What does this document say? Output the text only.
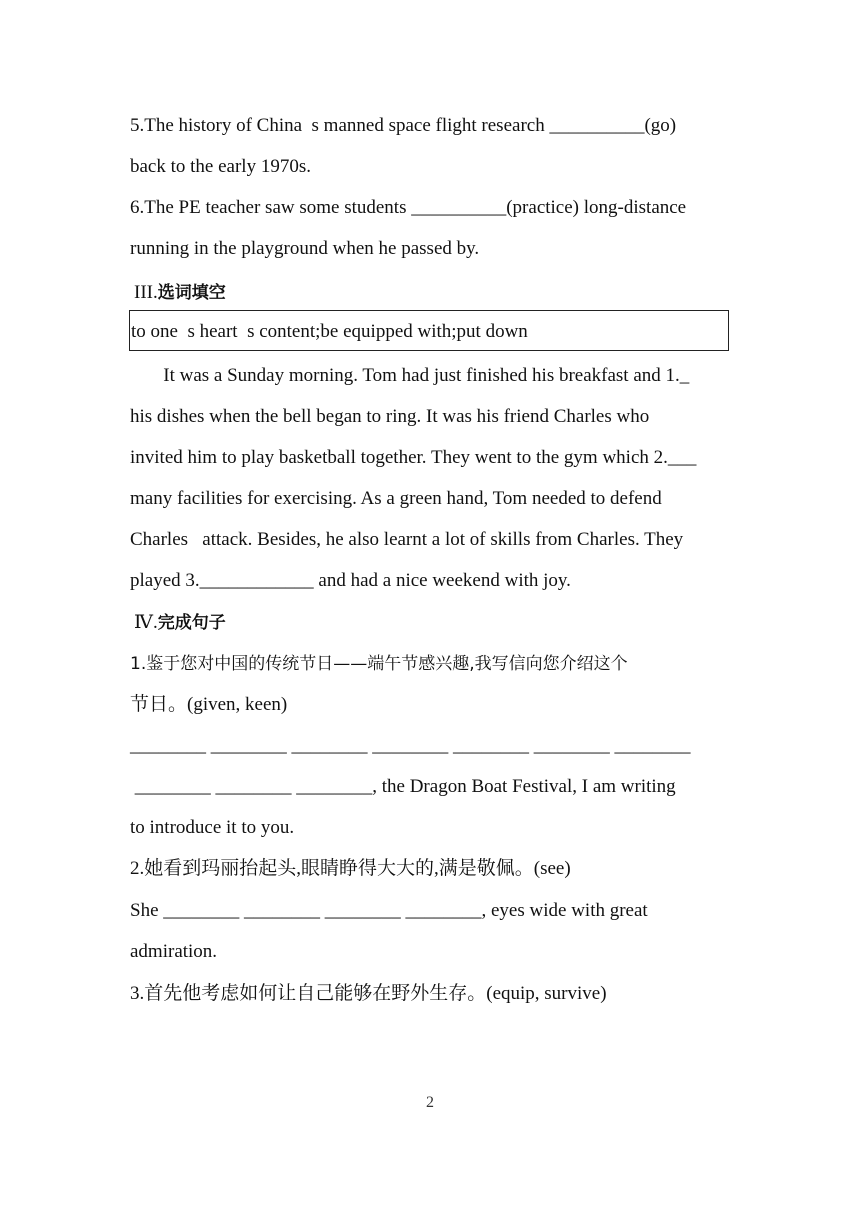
5.The history of China  s manned space flight research __________(go)
back to the early 1970s.
6.The PE teacher saw some students __________(practice) long-distance
running in the playground when he passed by.
III.选词填空
to one  s heart  s content;be equipped with;put down
It was a Sunday morning. Tom had just finished his breakfast and 1._
his dishes when the bell began to ring. It was his friend Charles who
invited him to play basketball together. They went to the gym which 2.___
many facilities for exercising. As a green hand, Tom needed to defend
Charles   attack. Besides, he also learnt a lot of skills from Charles. They
played 3.____________ and had a nice weekend with joy.
Ⅳ.完成句子
1.鉴于您对中国的传统节日——端午节感兴趣,我写信向您介绍这个
节日。(given, keen)
________ ________ ________ ________ ________ ________ ________
________ ________ ________, the Dragon Boat Festival, I am writing
to introduce it to you.
2.她看到玛丽抬起头,眼睛睁得大大的,满是敬佩。(see)
She ________ ________ ________ ________, eyes wide with great
admiration.
3.首先他考虑如何让自己能够在野外生存。(equip, survive)
2
